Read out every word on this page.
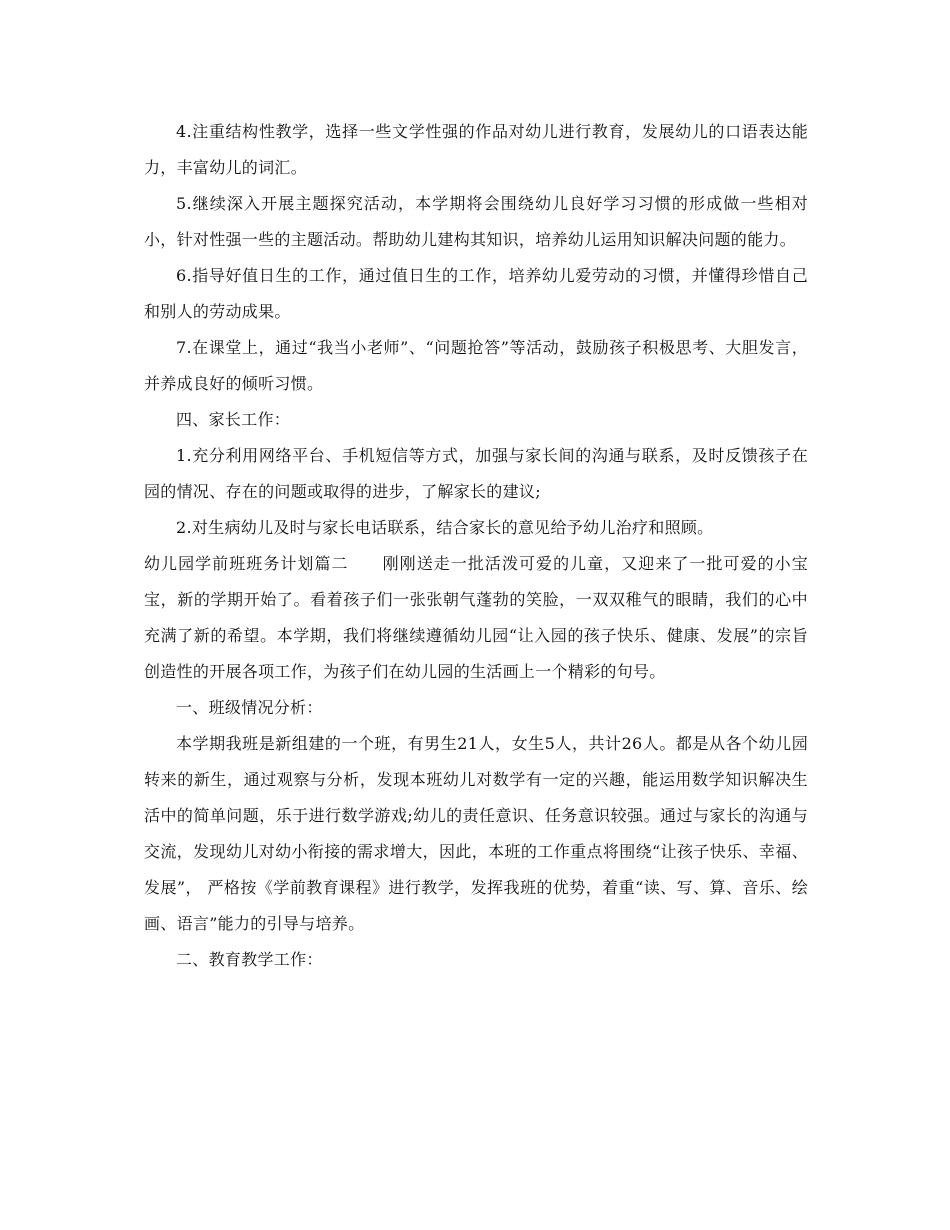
4.注重结构性教学，选择一些文学性强的作品对幼儿进行教育，发展幼儿的口语表达能力，丰富幼儿的词汇。

5.继续深入开展主题探究活动，本学期将会围绕幼儿良好学习习惯的形成做一些相对小，针对性强一些的主题活动。帮助幼儿建构其知识，培养幼儿运用知识解决问题的能力。

6.指导好值日生的工作，通过值日生的工作，培养幼儿爱劳动的习惯，并懂得珍惜自己和别人的劳动成果。

7.在课堂上，通过“我当小老师”、“问题抢答”等活动，鼓励孩子积极思考、大胆发言，并养成良好的倾听习惯。

四、家长工作：

1.充分利用网络平台、手机短信等方式，加强与家长间的沟通与联系，及时反馈孩子在园的情况、存在的问题或取得的进步，了解家长的建议;

2.对生病幼儿及时与家长电话联系，结合家长的意见给予幼儿治疗和照顾。

幼儿园学前班班务计划篇二　　刚刚送走一批活泼可爱的儿童，又迎来了一批可爱的小宝宝，新的学期开始了。看着孩子们一张张朝气蓬勃的笑脸，一双双稚气的眼睛，我们的心中充满了新的希望。本学期，我们将继续遵循幼儿园“让入园的孩子快乐、健康、发展”的宗旨创造性的开展各项工作，为孩子们在幼儿园的生活画上一个精彩的句号。

一、班级情况分析：

本学期我班是新组建的一个班，有男生21人，女生5人，共计26人。都是从各个幼儿园转来的新生，通过观察与分析，发现本班幼儿对数学有一定的兴趣，能运用数学知识解决生活中的简单问题，乐于进行数学游戏;幼儿的责任意识、任务意识较强。通过与家长的沟通与交流，发现幼儿对幼小衔接的需求增大，因此，本班的工作重点将围绕“让孩子快乐、幸福、发展”， 严格按《学前教育课程》进行教学，发挥我班的优势，着重“读、写、算、音乐、绘画、语言”能力的引导与培养。

二、教育教学工作：
